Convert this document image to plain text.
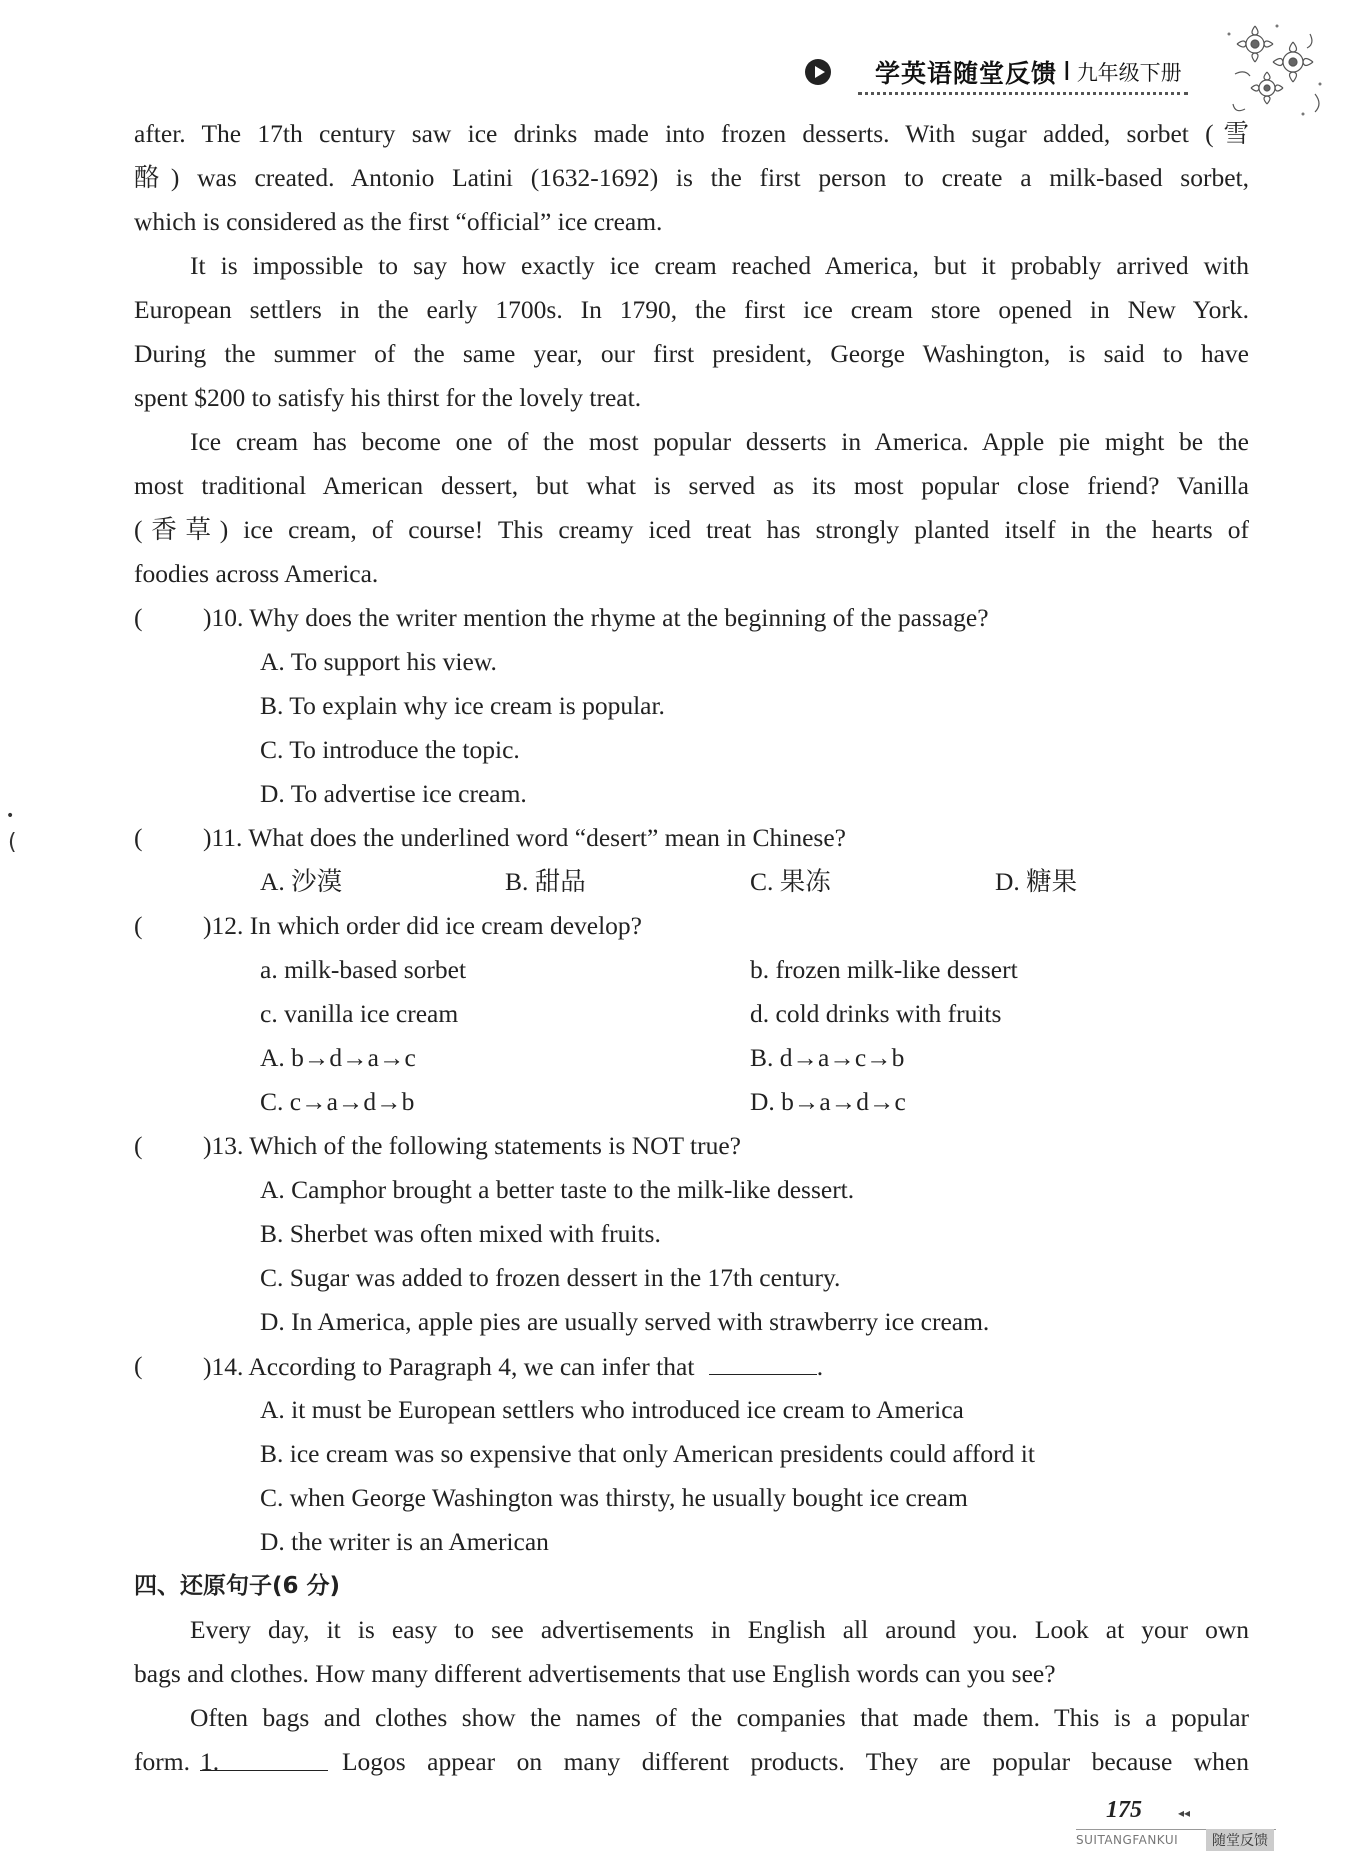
学英语随堂反馈 I 九年级下册
after. The 17th century saw ice drinks made into frozen desserts. With sugar added, sorbet (雪
酪) was created. Antonio Latini (1632-1692) is the first person to create a milk-based sorbet,
which is considered as the first “official” ice cream.
It is impossible to say how exactly ice cream reached America, but it probably arrived with
European settlers in the early 1700s. In 1790, the first ice cream store opened in New York.
During the summer of the same year, our first president, George Washington, is said to have
spent $200 to satisfy his thirst for the lovely treat.
Ice cream has become one of the most popular desserts in America. Apple pie might be the
most traditional American dessert, but what is served as its most popular close friend? Vanilla
(香草) ice cream, of course! This creamy iced treat has strongly planted itself in the hearts of
foodies across America.
( )10. Why does the writer mention the rhyme at the beginning of the passage?
A. To support his view.
B. To explain why ice cream is popular.
C. To introduce the topic.
D. To advertise ice cream.
•
(	( )11. What does the underlined word “desert” mean in Chinese?
A. 沙漠	B. 甜品	C. 果冻	D. 糖果
( )12. In which order did ice cream develop?
a. milk-based sorbet	b. frozen milk-like dessert
c. vanilla ice cream	d. cold drinks with fruits
A. b→d→a→c	B. d→a→c→b
C. c→a→d→b	D. b→a→d→c
( )13. Which of the following statements is NOT true?
A. Camphor brought a better taste to the milk-like dessert.
B. Sherbet was often mixed with fruits.
C. Sugar was added to frozen dessert in the 17th century.
D. In America, apple pies are usually served with strawberry ice cream.
( )14. According to Paragraph 4, we can infer that	.
A. it must be European settlers who introduced ice cream to America
B. ice cream was so expensive that only American presidents could afford it
C. when George Washington was thirsty, he usually bought ice cream
D. the writer is an American
四、还原句子(6 分)
Every day, it is easy to see advertisements in English all around you. Look at your own
bags and clothes. How many different advertisements that use English words can you see?
Often bags and clothes show the names of the companies that made them. This is a popular
form. 1.	Logos appear on many different products. They are popular because when
175	◂◂
SUITANGFANKUI	随堂反馈
